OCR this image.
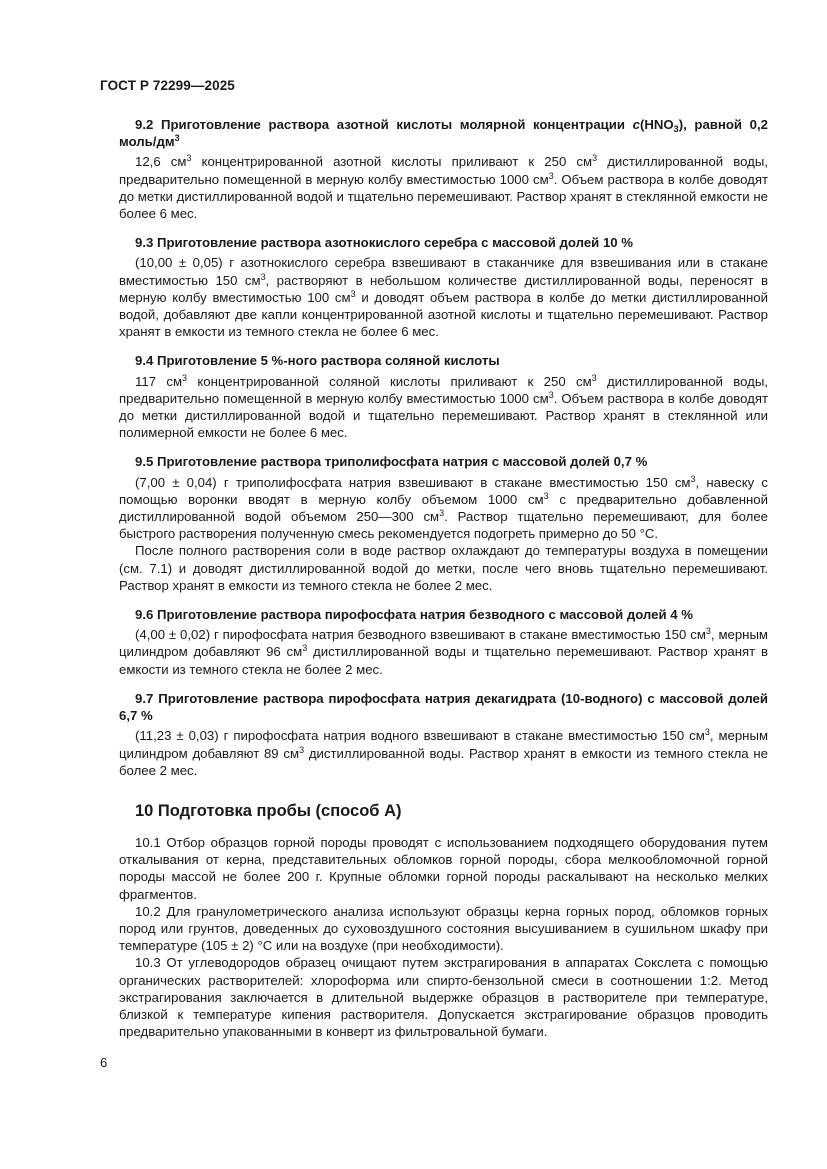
ГОСТ Р 72299—2025
9.2 Приготовление раствора азотной кислоты молярной концентрации $c(HNO_3)$, равной 0,2 моль/$дм^3$

12,6 $см^3$ концентрированной азотной кислоты приливают к 250 $см^3$ дистиллированной воды, предварительно помещенной в мерную колбу вместимостью 1000 $см^3$. Объем раствора в колбе доводят до метки дистиллированной водой и тщательно перемешивают. Раствор хранят в стеклянной емкости не более 6 мес.

9.3 Приготовление раствора азотнокислого серебра с массовой долей 10 %

(10,00 ± 0,05) г азотнокислого серебра взвешивают в стаканчике для взвешивания или в стакане вместимостью 150 $см^3$, растворяют в небольшом количестве дистиллированной воды, переносят в мерную колбу вместимостью 100 $см^3$ и доводят объем раствора в колбе до метки дистиллированной водой, добавляют две капли концентрированной азотной кислоты и тщательно перемешивают. Раствор хранят в емкости из темного стекла не более 6 мес.

9.4 Приготовление 5 %-ного раствора соляной кислоты

117 $см^3$ концентрированной соляной кислоты приливают к 250 $см^3$ дистиллированной воды, предварительно помещенной в мерную колбу вместимостью 1000 $см^3$. Объем раствора в колбе доводят до метки дистиллированной водой и тщательно перемешивают. Раствор хранят в стеклянной или полимерной емкости не более 6 мес.

9.5 Приготовление раствора триполифосфата натрия с массовой долей 0,7 %

(7,00 ± 0,04) г триполифосфата натрия взвешивают в стакане вместимостью 150 $см^3$, навеску с помощью воронки вводят в мерную колбу объемом 1000 $см^3$ с предварительно добавленной дистиллированной водой объемом 250—300 $см^3$. Раствор тщательно перемешивают, для более быстрого растворения полученную смесь рекомендуется подогреть примерно до 50 °С.

После полного растворения соли в воде раствор охлаждают до температуры воздуха в помещении (см. 7.1) и доводят дистиллированной водой до метки, после чего вновь тщательно перемешивают. Раствор хранят в емкости из темного стекла не более 2 мес.

9.6 Приготовление раствора пирофосфата натрия безводного с массовой долей 4 %

(4,00 ± 0,02) г пирофосфата натрия безводного взвешивают в стакане вместимостью 150 $см^3$, мерным цилиндром добавляют 96 $см^3$ дистиллированной воды и тщательно перемешивают. Раствор хранят в емкости из темного стекла не более 2 мес.

9.7 Приготовление раствора пирофосфата натрия декагидрата (10-водного) с массовой долей 6,7 %

(11,23 ± 0,03) г пирофосфата натрия водного взвешивают в стакане вместимостью 150 $см^3$, мерным цилиндром добавляют 89 $см^3$ дистиллированной воды. Раствор хранят в емкости из темного стекла не более 2 мес.

10 Подготовка пробы (способ А)

10.1 Отбор образцов горной породы проводят с использованием подходящего оборудования путем откалывания от керна, представительных обломков горной породы, сбора мелкообломочной горной породы массой не более 200 г. Крупные обломки горной породы раскалывают на несколько мелких фрагментов.

10.2 Для гранулометрического анализа используют образцы керна горных пород, обломков горных пород или грунтов, доведенных до суховоздушного состояния высушиванием в сушильном шкафу при температуре (105 ± 2) °С или на воздухе (при необходимости).

10.3 От углеводородов образец очищают путем экстрагирования в аппаратах Сокслета с помощью органических растворителей: хлороформа или спирто-бензольной смеси в соотношении 1:2. Метод экстрагирования заключается в длительной выдержке образцов в растворителе при температуре, близкой к температуре кипения растворителя. Допускается экстрагирование образцов проводить предварительно упакованными в конверт из фильтровальной бумаги.

6
